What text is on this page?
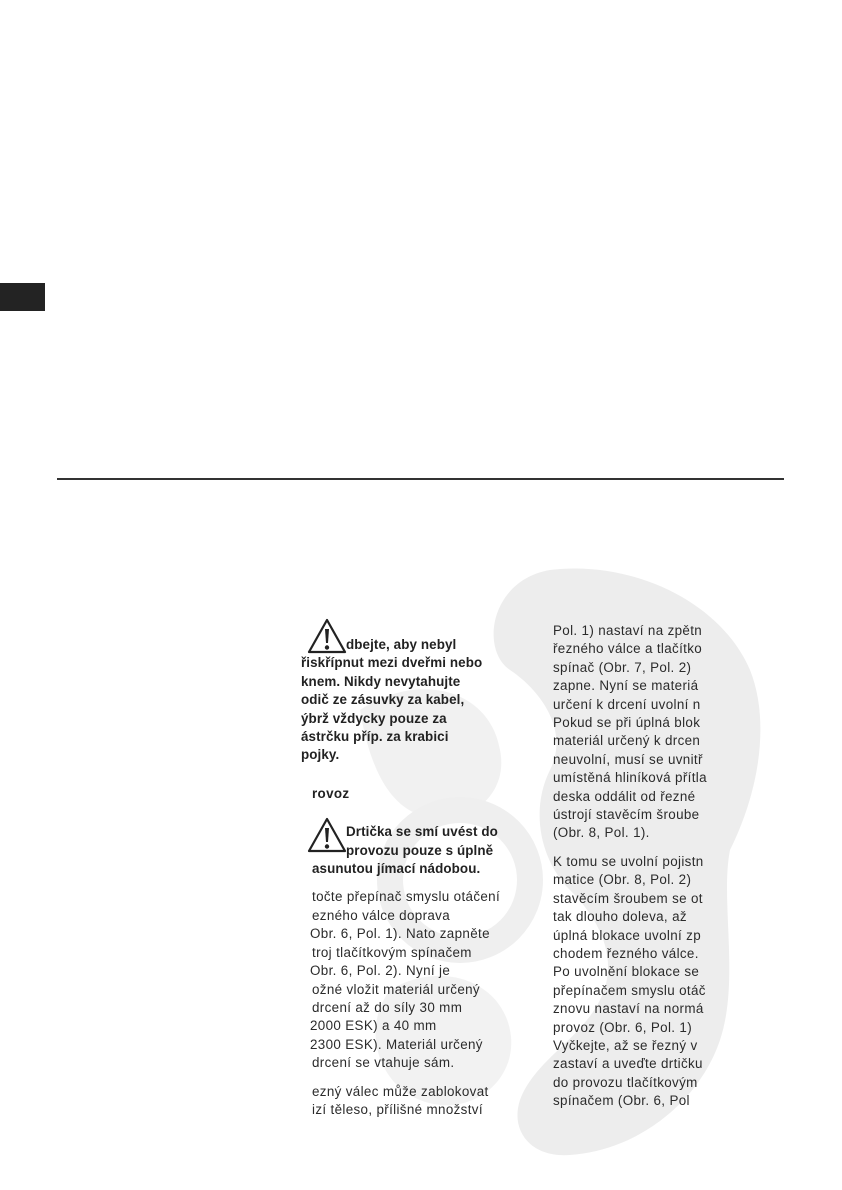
dbejte, aby nebyl

řiskřípnut mezi dveřmi nebo

knem. Nikdy nevytahujte

odič ze zásuvky za kabel,

ýbrž vždycky pouze za

ástrčku příp. za krabici

pojky.

rovoz

Drtička se smí uvést do

provozu pouze s úplně

asunutou jímací nádobou.

točte přepínač smyslu otáčení

ezného válce doprava

Obr. 6, Pol. 1). Nato zapněte

troj tlačítkovým spínačem

Obr. 6, Pol. 2). Nyní je

ožné vložit materiál určený

drcení až do síly 30 mm

2000 ESK) a 40 mm

2300 ESK). Materiál určený

drcení se vtahuje sám.

ezný válec může zablokovat

izí těleso, přílišné množství

Pol. 1) nastaví na zpětn

řezného válce a tlačítko

spínač (Obr. 7, Pol. 2)

zapne. Nyní se materiá

určení k drcení uvolní n

Pokud se při úplná blok

materiál určený k drcen

neuvolní, musí se uvnitř

umístěná hliníková přítla

deska oddálit od řezné

ústrojí stavěcím šroube

(Obr. 8, Pol. 1).

K tomu se uvolní pojistn

matice (Obr. 8, Pol. 2)

stavěcím šroubem se ot

tak dlouho doleva, až

úplná blokace uvolní zp

chodem řezného válce.

Po uvolnění blokace se

přepínačem smyslu otáč

znovu nastaví na normá

provoz (Obr. 6, Pol. 1)

Vyčkejte, až se řezný v

zastaví a uveďte drtičku

do provozu tlačítkovým

spínačem (Obr. 6, Pol
